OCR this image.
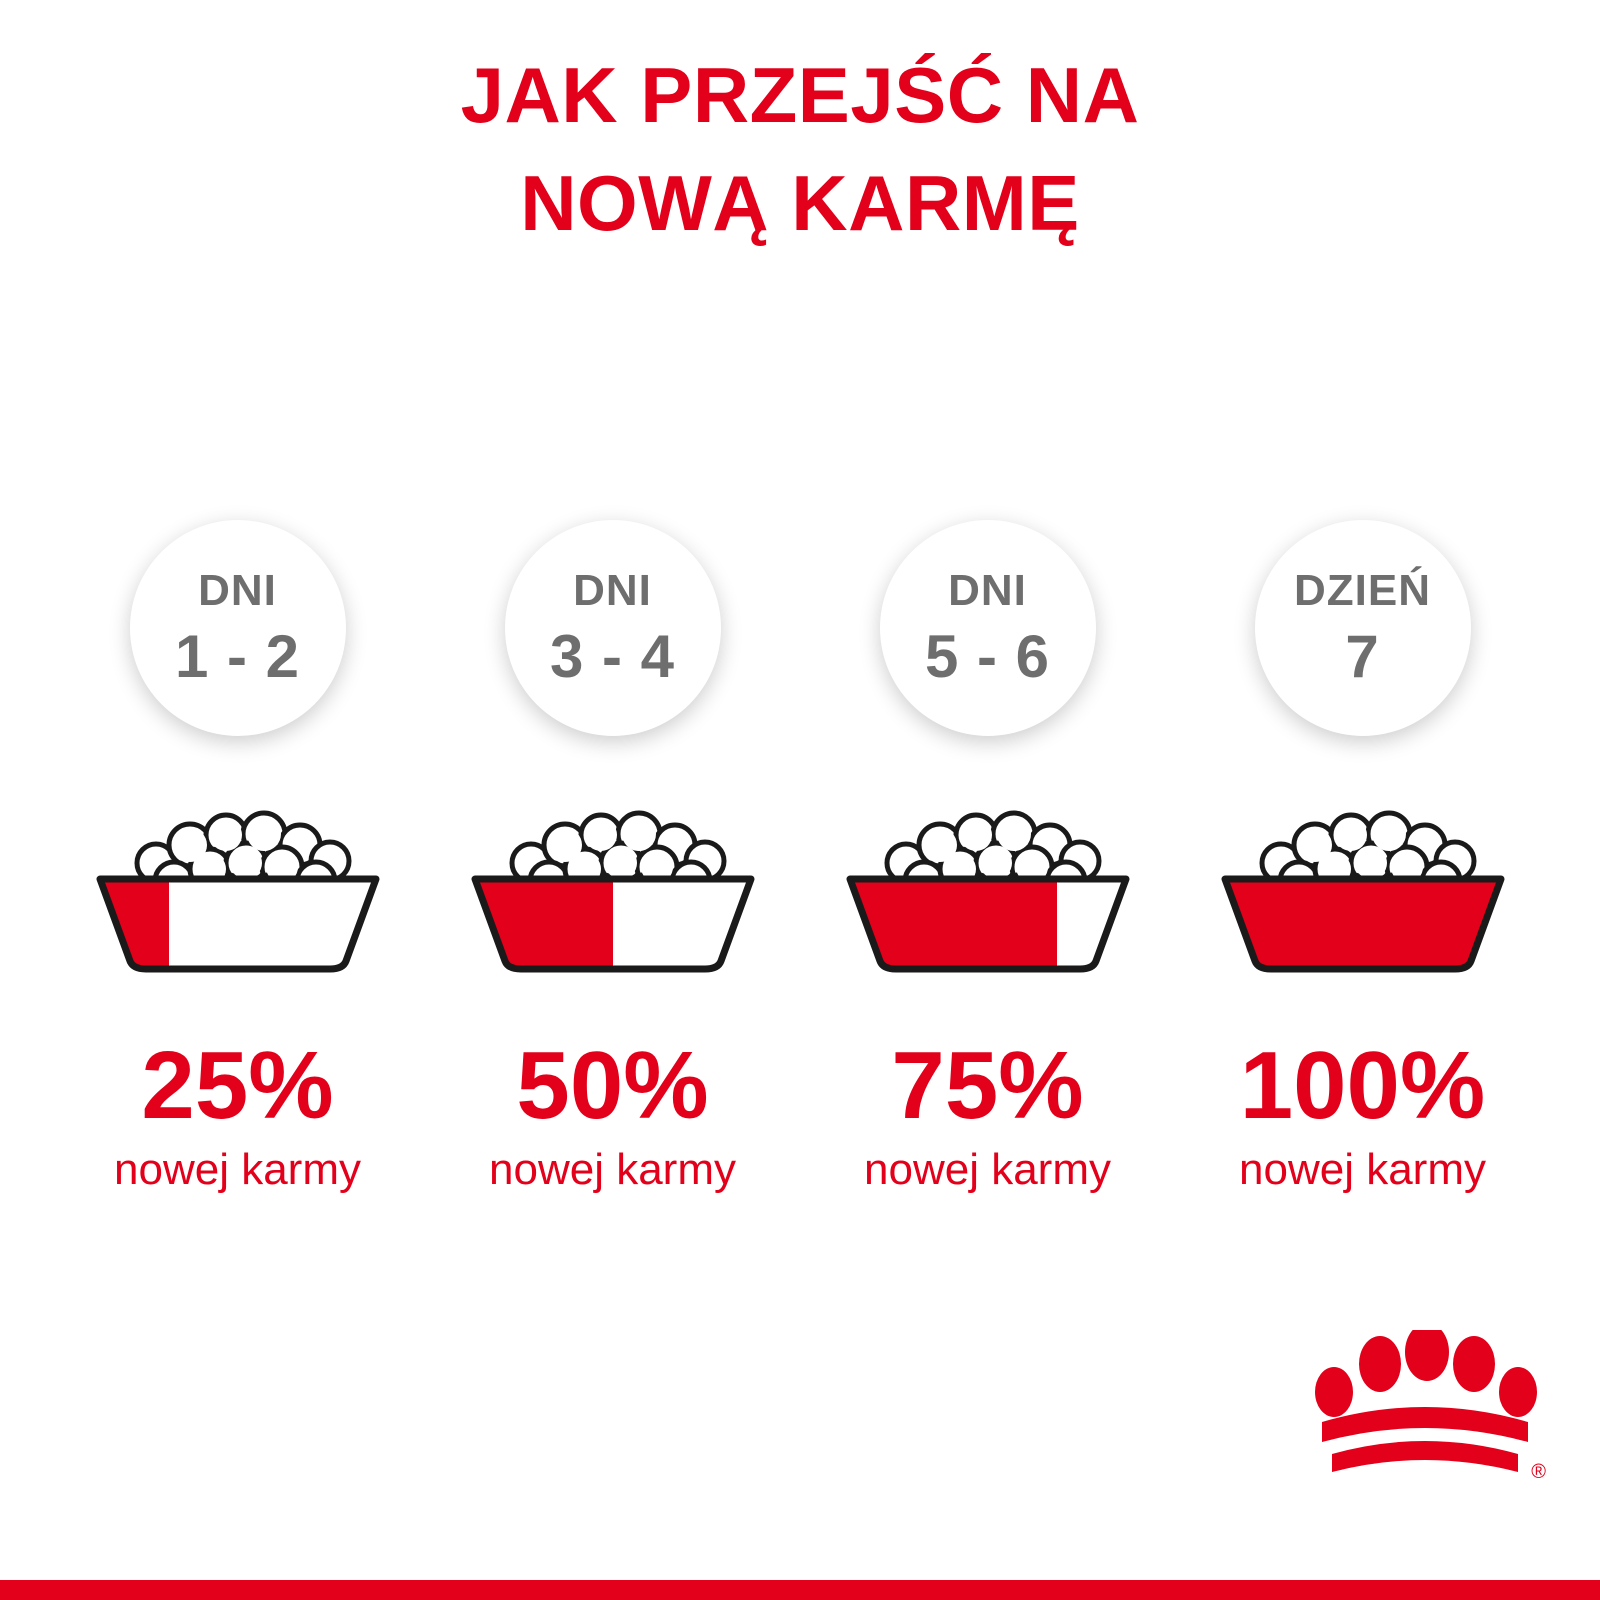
JAK PRZEJŚĆ NA
NOWĄ KARMĘ
DNI
1 - 2
25%
nowej karmy
DNI
3 - 4
50%
nowej karmy
DNI
5 - 6
75%
nowej karmy
DZIEŃ
7
100%
nowej karmy
®
